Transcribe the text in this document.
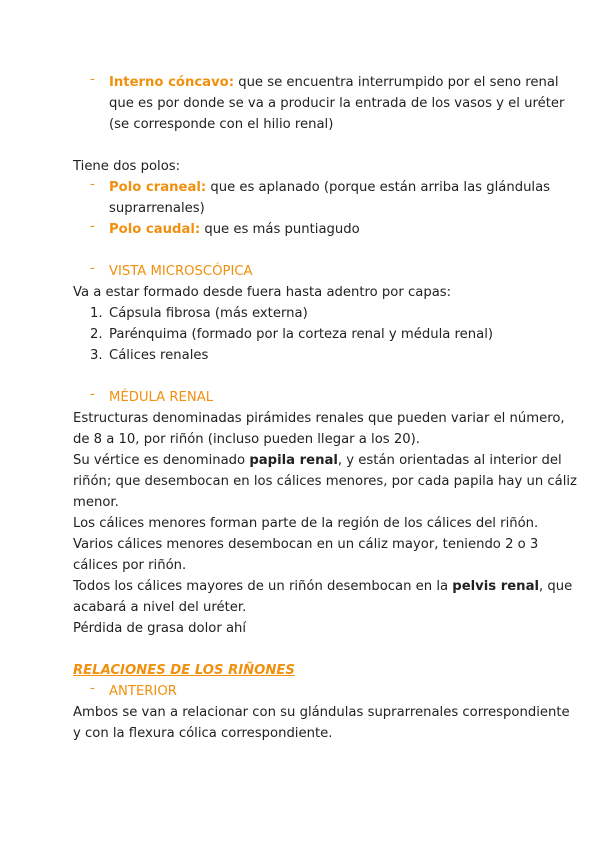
- Interno cóncavo: que se encuentra interrumpido por el seno renal
que es por donde se va a producir la entrada de los vasos y el uréter
(se corresponde con el hilio renal)
Tiene dos polos:
- Polo craneal: que es aplanado (porque están arriba las glándulas
suprarrenales)
- Polo caudal: que es más puntiagudo
- VISTA MICROSCÓPICA
Va a estar formado desde fuera hasta adentro por capas:
1. Cápsula fibrosa (más externa)
2. Parénquima (formado por la corteza renal y médula renal)
3. Cálices renales
- MÉDULA RENAL
Estructuras denominadas pirámides renales que pueden variar el número,
de 8 a 10, por riñón (incluso pueden llegar a los 20).
Su vértice es denominado papila renal, y están orientadas al interior del
riñón; que desembocan en los cálices menores, por cada papila hay un cáliz
menor.
Los cálices menores forman parte de la región de los cálices del riñón.
Varios cálices menores desembocan en un cáliz mayor, teniendo 2 o 3
cálices por riñón.
Todos los cálices mayores de un riñón desembocan en la pelvis renal, que
acabará a nivel del uréter.
Pérdida de grasa dolor ahí
RELACIONES DE LOS RIÑONES
- ANTERIOR
Ambos se van a relacionar con su glándulas suprarrenales correspondiente
y con la flexura cólica correspondiente.
